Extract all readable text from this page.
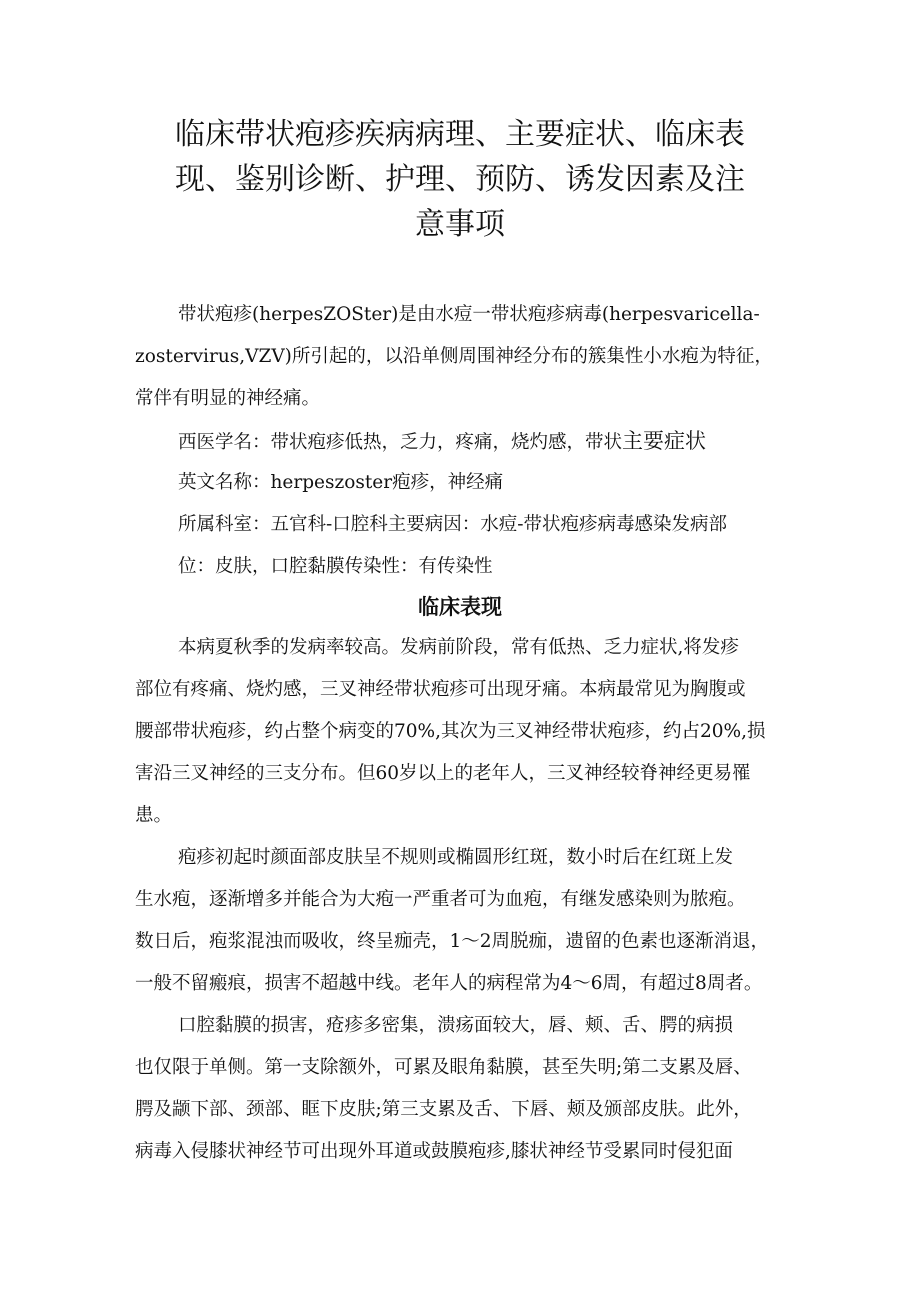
临床带状疱疹疾病病理、主要症状、临床表
现、鉴别诊断、护理、预防、诱发因素及注
意事项

带状疱疹(herpesZOSter)是由水痘一带状疱疹病毒(herpesvaricella-

zostervirus,VZV)所引起的，以沿单侧周围神经分布的簇集性小水疱为特征，

常伴有明显的神经痛。

西医学名：带状疱疹低热，乏力，疼痛，烧灼感，带状主要症状

英文名称：herpeszoster疱疹，神经痛

所属科室：五官科-口腔科主要病因：水痘-带状疱疹病毒感染发病部

位：皮肤，口腔黏膜传染性：有传染性

临床表现

本病夏秋季的发病率较高。发病前阶段，常有低热、乏力症状,将发疹

部位有疼痛、烧灼感，三叉神经带状疱疹可出现牙痛。本病最常见为胸腹或

腰部带状疱疹，约占整个病变的70%,其次为三叉神经带状疱疹，约占20%,损

害沿三叉神经的三支分布。但60岁以上的老年人，三叉神经较脊神经更易罹

患。

疱疹初起时颜面部皮肤呈不规则或椭圆形红斑，数小时后在红斑上发

生水疱，逐渐增多并能合为大疱一严重者可为血疱，有继发感染则为脓疱。

数日后，疱浆混浊而吸收，终呈痂壳，1〜2周脱痂，遗留的色素也逐渐消退，

一般不留瘢痕，损害不超越中线。老年人的病程常为4〜6周，有超过8周者。

口腔黏膜的损害，疮疹多密集，溃疡面较大，唇、颊、舌、腭的病损

也仅限于单侧。第一支除额外，可累及眼角黏膜，甚至失明;第二支累及唇、

腭及颛下部、颈部、眶下皮肤;第三支累及舌、下唇、颊及颁部皮肤。此外，

病毒入侵膝状神经节可出现外耳道或鼓膜疱疹,膝状神经节受累同时侵犯面
